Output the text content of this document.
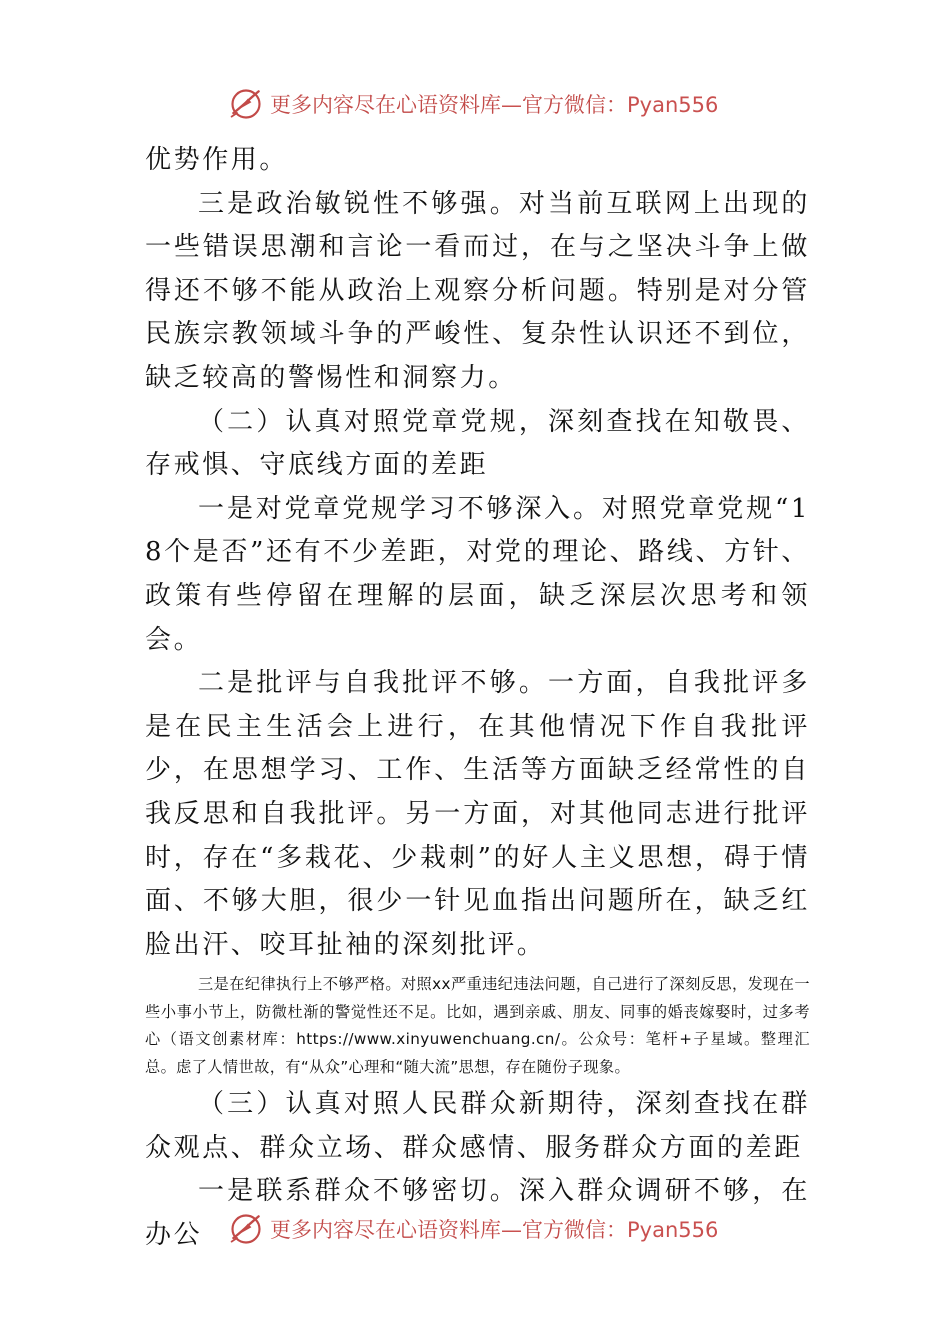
更多内容尽在心语资料库—官方微信：Pyan556

优势作用。

三是政治敏锐性不够强。对当前互联网上出现的一些错误思潮和言论一看而过，在与之坚决斗争上做得还不够不能从政治上观察分析问题。特别是对分管民族宗教领域斗争的严峻性、复杂性认识还不到位，缺乏较高的警惕性和洞察力。

（二）认真对照党章党规，深刻查找在知敬畏、存戒惧、守底线方面的差距

一是对党章党规学习不够深入。对照党章党规“18个是否”还有不少差距，对党的理论、路线、方针、政策有些停留在理解的层面，缺乏深层次思考和领会。

二是批评与自我批评不够。一方面，自我批评多是在民主生活会上进行，在其他情况下作自我批评少，在思想学习、工作、生活等方面缺乏经常性的自我反思和自我批评。另一方面，对其他同志进行批评时，存在“多栽花、少栽刺”的好人主义思想，碍于情面、不够大胆，很少一针见血指出问题所在，缺乏红脸出汗、咬耳扯袖的深刻批评。

三是在纪律执行上不够严格。对照xx严重违纪违法问题，自己进行了深刻反思，发现在一些小事小节上，防微杜渐的警觉性还不足。比如，遇到亲戚、朋友、同事的婚丧嫁娶时，过多考心（语文创素材库：https://www.xinyuwenchuang.cn/。公众号：笔杆+子星域。整理汇总。虑了人情世故，有“从众”心理和“随大流”思想，存在随份子现象。

（三）认真对照人民群众新期待，深刻查找在群众观点、群众立场、群众感情、服务群众方面的差距

一是联系群众不够密切。深入群众调研不够，在办公	更多内容尽在心语资料库—官方微信：Pyan556
